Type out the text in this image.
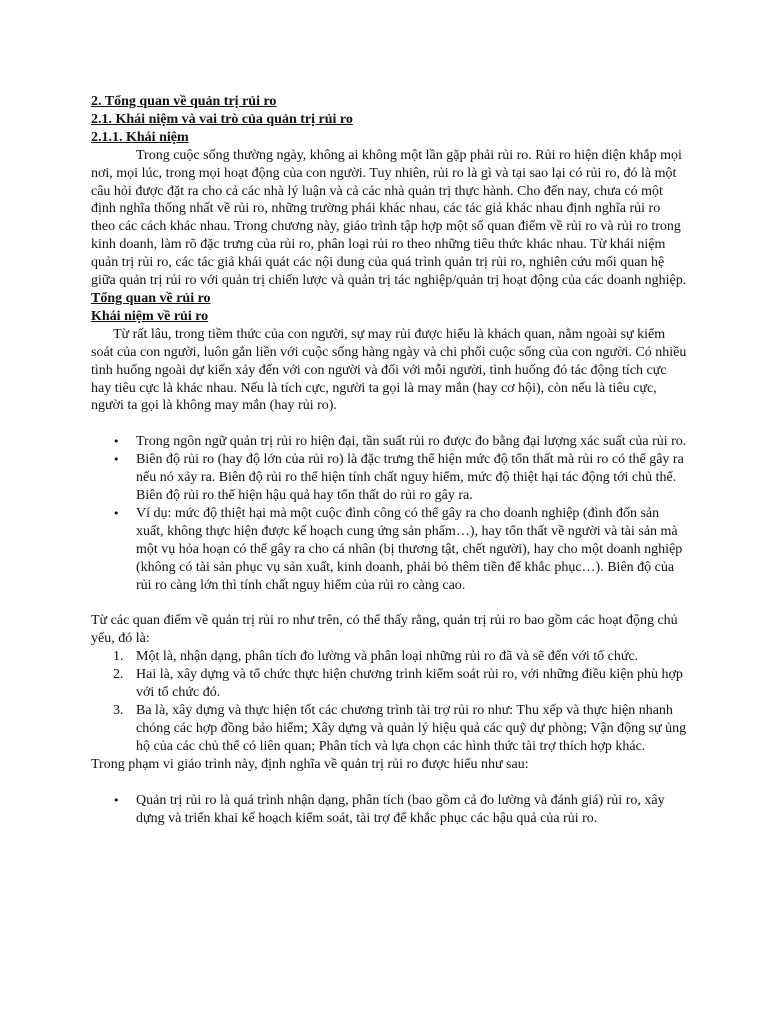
2. Tổng quan về quản trị rủi ro

2.1. Khái niệm và vai trò của quản trị rủi ro

2.1.1. Khái niệm

Trong cuộc sống thường ngày, không ai không một lần gặp phải rủi ro. Rủi ro hiện diện khắp mọi nơi, mọi lúc, trong mọi hoạt động của con người. Tuy nhiên, rủi ro là gì và tại sao lại có rủi ro, đó là một câu hỏi được đặt ra cho cả các nhà lý luận và cả các nhà quản trị thực hành. Cho đến nay, chưa có một định nghĩa thống nhất về rủi ro, những trường phái khác nhau, các tác giả khác nhau định nghĩa rủi ro theo các cách khác nhau. Trong chương này, giáo trình tập hợp một số quan điểm về rủi ro và rủi ro trong kinh doanh, làm rõ đặc trưng của rủi ro, phân loại rủi ro theo những tiêu thức khác nhau. Từ khái niệm quản trị rủi ro, các tác giả khái quát các nội dung của quá trình quản trị rủi ro, nghiên cứu mối quan hệ giữa quản trị rủi ro với quản trị chiến lược và quản trị tác nghiệp/quản trị hoạt động của các doanh nghiệp.

Tổng quan về rủi ro

Khái niệm về rủi ro

Từ rất lâu, trong tiềm thức của con người, sự may rủi được hiểu là khách quan, nằm ngoài sự kiểm soát của con người, luôn gắn liền với cuộc sống hàng ngày và chi phối cuộc sống của con người. Có nhiều tình huống ngoài dự kiến xảy đến với con người và đối với mỗi người, tình huống đó tác động tích cực hay tiêu cực là khác nhau. Nếu là tích cực, người ta gọi là may mắn (hay cơ hội), còn nếu là tiêu cực, người ta gọi là không may mắn (hay rủi ro).

• Trong ngôn ngữ quản trị rủi ro hiện đại, tần suất rủi ro được đo bằng đại lượng xác suất của rủi ro.
• Biên độ rủi ro (hay độ lớn của rủi ro) là đặc trưng thể hiện mức độ tổn thất mà rủi ro có thể gây ra nếu nó xảy ra. Biên độ rủi ro thể hiện tính chất nguy hiểm, mức độ thiệt hại tác động tới chủ thể. Biên độ rủi ro thể hiện hậu quả hay tổn thất do rủi ro gây ra.
• Ví dụ: mức độ thiệt hại mà một cuộc đình công có thể gây ra cho doanh nghiệp (đình đốn sản xuất, không thực hiện được kế hoạch cung ứng sản phẩm…), hay tổn thất về người và tài sản mà một vụ hỏa hoạn có thể gây ra cho cá nhân (bị thương tật, chết người), hay cho một doanh nghiệp (không có tài sản phục vụ sản xuất, kinh doanh, phải bỏ thêm tiền để khắc phục…). Biên độ của rủi ro càng lớn thì tính chất nguy hiểm của rủi ro càng cao.

Từ các quan điểm về quản trị rủi ro như trên, có thể thấy rằng, quản trị rủi ro bao gồm các hoạt động chủ yếu, đó là:

1. Một là, nhận dạng, phân tích đo lường và phân loại những rủi ro đã và sẽ đến với tổ chức.
2. Hai là, xây dựng và tổ chức thực hiện chương trình kiểm soát rủi ro, với những điều kiện phù hợp với tổ chức đó.
3. Ba là, xây dựng và thực hiện tốt các chương trình tài trợ rủi ro như: Thu xếp và thực hiện nhanh chóng các hợp đồng bảo hiểm; Xây dựng và quản lý hiệu quả các quỹ dự phòng; Vận động sự ủng hộ của các chủ thể có liên quan; Phân tích và lựa chọn các hình thức tài trợ thích hợp khác.

Trong phạm vi giáo trình này, định nghĩa về quản trị rủi ro được hiểu như sau:

• Quản trị rủi ro là quá trình nhận dạng, phân tích (bao gồm cả đo lường và đánh giá) rủi ro, xây dựng và triển khai kế hoạch kiểm soát, tài trợ để khắc phục các hậu quả của rủi ro.
